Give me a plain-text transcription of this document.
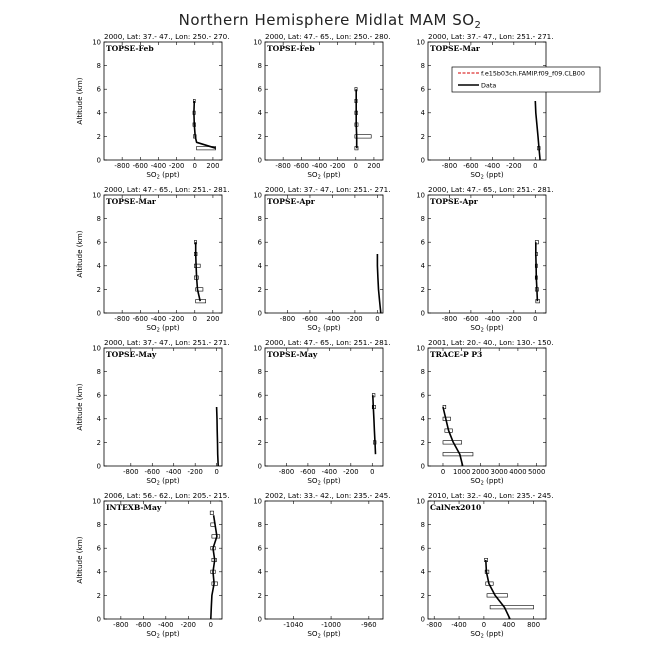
Northern Hemisphere Midlat MAM $SO_2$
2000, Lat: 37.- 47., Lon: 250.- 270.
TOPSE-Feb
-800 -600 -400 -200 0 200
0
2
4
6
8
10
$SO_2$ (ppt)
Altitude (km)
2000, Lat: 47.- 65., Lon: 250.- 280.
TOPSE-Feb
-800 -600 -400 -200 0 200
0
2
4
6
8
10
$SO_2$ (ppt)
2000, Lat: 37.- 47., Lon: 251.- 271.
TOPSE-Mar
-800 -600 -400 -200 0
0
2
4
6
8
10
$SO_2$ (ppt)
2000, Lat: 47.- 65., Lon: 251.- 281.
TOPSE-Mar
-800 -600 -400 -200 0 200
0
2
4
6
8
10
$SO_2$ (ppt)
Altitude (km)
2000, Lat: 37.- 47., Lon: 251.- 271.
TOPSE-Apr
-800 -600 -400 -200 0
0
2
4
6
8
10
$SO_2$ (ppt)
2000, Lat: 47.- 65., Lon: 251.- 281.
TOPSE-Apr
-800 -600 -400 -200 0
0
2
4
6
8
10
$SO_2$ (ppt)
2000, Lat: 37.- 47., Lon: 251.- 271.
TOPSE-May
-800 -600 -400 -200 0
0
2
4
6
8
10
$SO_2$ (ppt)
Altitude (km)
2000, Lat: 47.- 65., Lon: 251.- 281.
TOPSE-May
-800 -600 -400 -200 0
0
2
4
6
8
10
$SO_2$ (ppt)
2001, Lat: 20.- 40., Lon: 130.- 150.
TRACE-P P3
0 1000 2000 3000 4000 5000
0
2
4
6
8
10
$SO_2$ (ppt)
2006, Lat: 56.- 62., Lon: 205.- 215.
INTEXB-May
-800 -600 -400 -200 0
0
2
4
6
8
10
$SO_2$ (ppt)
Altitude (km)
2002, Lat: 33.- 42., Lon: 235.- 245.
-1040	-1000	-960
0
2
4
6
8
10
$SO_2$ (ppt)
2010, Lat: 32.- 40., Lon: 235.- 245.
CalNex2010
-800 -400 0 400 800
0
2
4
6
8
10
$SO_2$ (ppt)
f.e15b03ch.FAMIP.f09_f09.CLB00
Data
